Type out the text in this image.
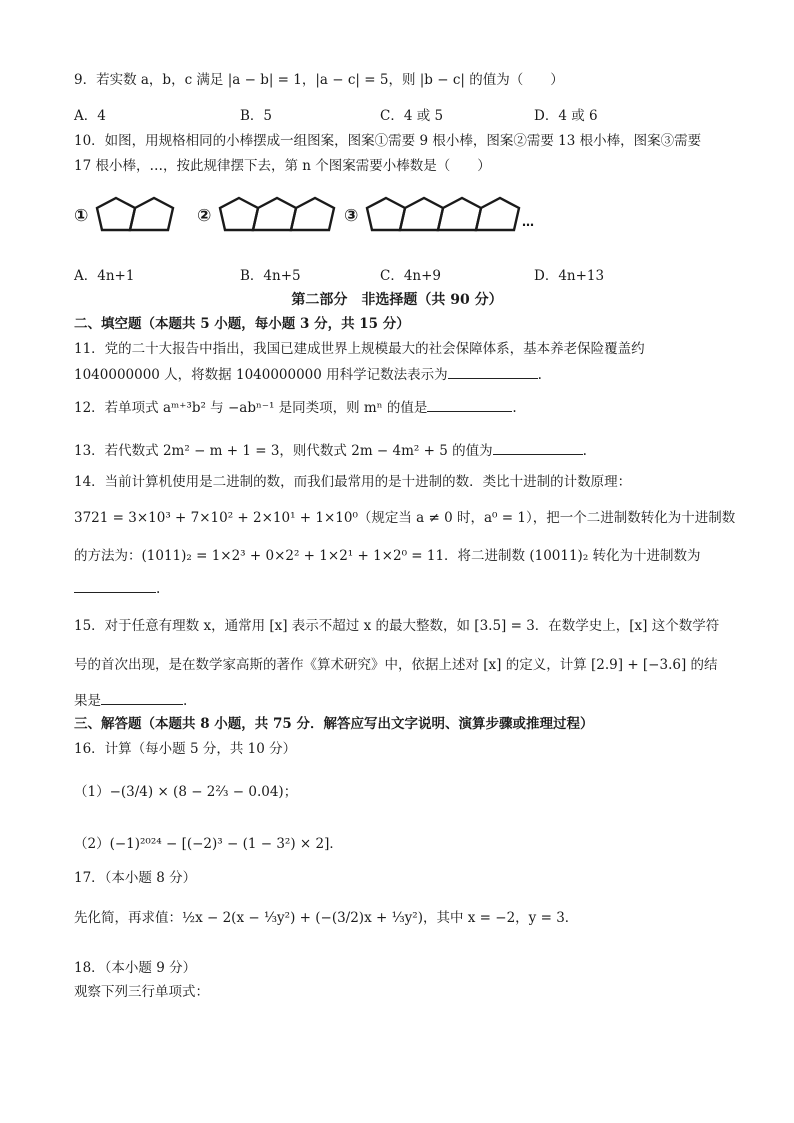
9．若实数 a，b，c 满足 |a − b| = 1，|a − c| = 5，则 |b − c| 的值为（　　）
A．4	B．5	C．4 或 5	D．4 或 6
10．如图，用规格相同的小棒摆成一组图案，图案①需要 9 根小棒，图案②需要 13 根小棒，图案③需要
17 根小棒，…，按此规律摆下去，第 n 个图案需要小棒数是（　　）
①	②	③	…
A．4n+1	B．4n+5	C．4n+9	D．4n+13
第二部分　非选择题（共 90 分）
二、填空题（本题共 5 小题，每小题 3 分，共 15 分）
11．党的二十大报告中指出，我国已建成世界上规模最大的社会保障体系，基本养老保险覆盖约
1040000000 人，将数据 1040000000 用科学记数法表示为	.
12．若单项式 aᵐ⁺³b² 与 −abⁿ⁻¹ 是同类项，则 mⁿ 的值是	.
13．若代数式 2m² − m + 1 = 3，则代数式 2m − 4m² + 5 的值为	.
14．当前计算机使用是二进制的数，而我们最常用的是十进制的数．类比十进制的计数原理：
3721 = 3×10³ + 7×10² + 2×10¹ + 1×10⁰（规定当 a ≠ 0 时，a⁰ = 1），把一个二进制数转化为十进制数
的方法为：(1011)₂ = 1×2³ + 0×2² + 1×2¹ + 1×2⁰ = 11．将二进制数 (10011)₂ 转化为十进制数为
.
15．对于任意有理数 x，通常用 [x] 表示不超过 x 的最大整数，如 [3.5] = 3．在数学史上，[x] 这个数学符
号的首次出现，是在数学家高斯的著作《算术研究》中，依据上述对 [x] 的定义，计算 [2.9] + [−3.6] 的结
果是	.
三、解答题（本题共 8 小题，共 75 分．解答应写出文字说明、演算步骤或推理过程）
16．计算（每小题 5 分，共 10 分）
（1）−(3/4) × (8 − 2⅔ − 0.04)；
（2）(−1)²⁰²⁴ − [(−2)³ − (1 − 3²) × 2]．
17．（本小题 8 分）
先化简，再求值：½x − 2(x − ⅓y²) + (−(3/2)x + ⅓y²)，其中 x = −2，y = 3．
18．（本小题 9 分）
观察下列三行单项式：
